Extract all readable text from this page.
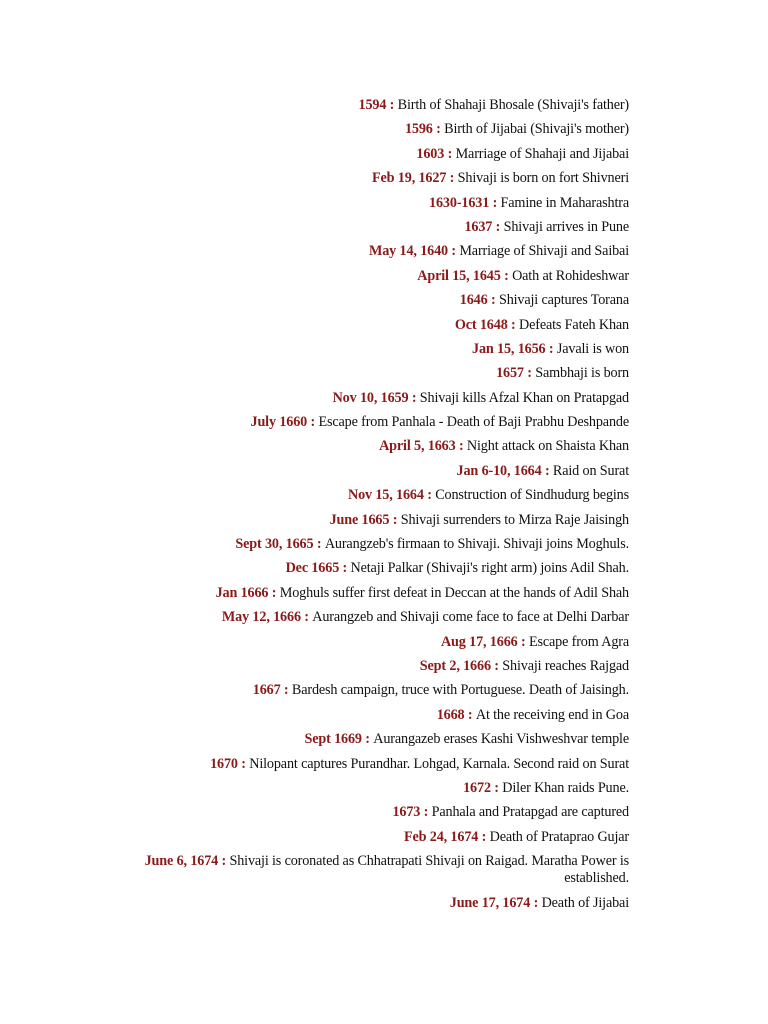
1594 : Birth of Shahaji Bhosale (Shivaji's father)
1596 : Birth of Jijabai (Shivaji's mother)
1603 : Marriage of Shahaji and Jijabai
Feb 19, 1627 : Shivaji is born on fort Shivneri
1630-1631 : Famine in Maharashtra
1637 : Shivaji arrives in Pune
May 14, 1640 : Marriage of Shivaji and Saibai
April 15, 1645 : Oath at Rohideshwar
1646 : Shivaji captures Torana
Oct 1648 : Defeats Fateh Khan
Jan 15, 1656 : Javali is won
1657 : Sambhaji is born
Nov 10, 1659 : Shivaji kills Afzal Khan on Pratapgad
July 1660 : Escape from Panhala - Death of Baji Prabhu Deshpande
April 5, 1663 : Night attack on Shaista Khan
Jan 6-10, 1664 : Raid on Surat
Nov 15, 1664 : Construction of Sindhudurg begins
June 1665 : Shivaji surrenders to Mirza Raje Jaisingh
Sept 30, 1665 : Aurangzeb's firmaan to Shivaji. Shivaji joins Moghuls.
Dec 1665 : Netaji Palkar (Shivaji's right arm) joins Adil Shah.
Jan 1666 : Moghuls suffer first defeat in Deccan at the hands of Adil Shah
May 12, 1666 : Aurangzeb and Shivaji come face to face at Delhi Darbar
Aug 17, 1666 : Escape from Agra
Sept 2, 1666 : Shivaji reaches Rajgad
1667 : Bardesh campaign, truce with Portuguese. Death of Jaisingh.
1668 : At the receiving end in Goa
Sept 1669 : Aurangazeb erases Kashi Vishweshvar temple
1670 : Nilopant captures Purandhar. Lohgad, Karnala. Second raid on Surat
1672 : Diler Khan raids Pune.
1673 : Panhala and Pratapgad are captured
Feb 24, 1674 : Death of Prataprao Gujar
June 6, 1674 : Shivaji is coronated as Chhatrapati Shivaji on Raigad. Maratha Power is established.
June 17, 1674 : Death of Jijabai
